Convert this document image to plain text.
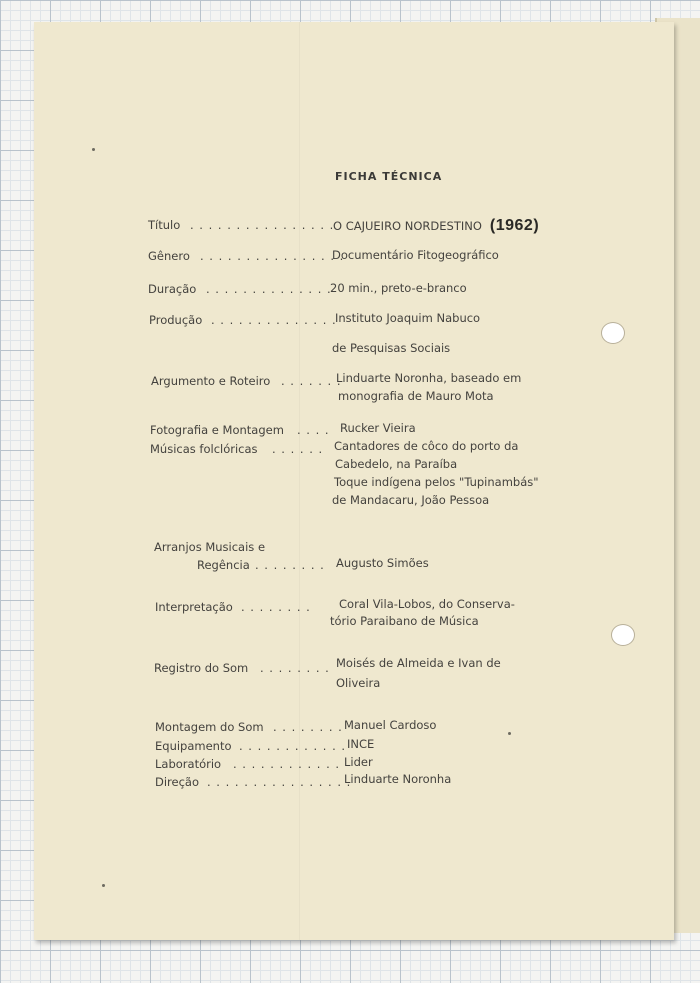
FICHA TÉCNICA
Título . . . . . . . . . . . . . . . .
O CAJUEIRO NORDESTINO (1962)
Gênero . . . . . . . . . . . . . . . .
Documentário Fitogeográfico
Duração . . . . . . . . . . . . . .
20 min., preto-e-branco
Produção . . . . . . . . . . . . . .
Instituto Joaquim Nabuco
de Pesquisas Sociais
Argumento e Roteiro . . . . . . .
Linduarte Noronha, baseado em
monografia de Mauro Mota
Fotografia e Montagem . . . . Rucker Vieira
Músicas folclóricas . . . . . . Cantadores de côco do porto da
Cabedelo, na Paraíba
Toque indígena pelos "Tupinambás"
de Mandacaru, João Pessoa
Arranjos Musicais e
Regência . . . . . . . . Augusto Simões
Interpretação . . . . . . . . Coral Vila-Lobos, do Conserva-
tório Paraibano de Música
Registro do Som . . . . . . . . Moisés de Almeida e Ivan de
Oliveira
Montagem do Som . . . . . . . . Manuel Cardoso
Equipamento . . . . . . . . . . . . INCE
Laboratório . . . . . . . . . . . . Lider
Direção . . . . . . . . . . . . . . . .
Linduarte Noronha
